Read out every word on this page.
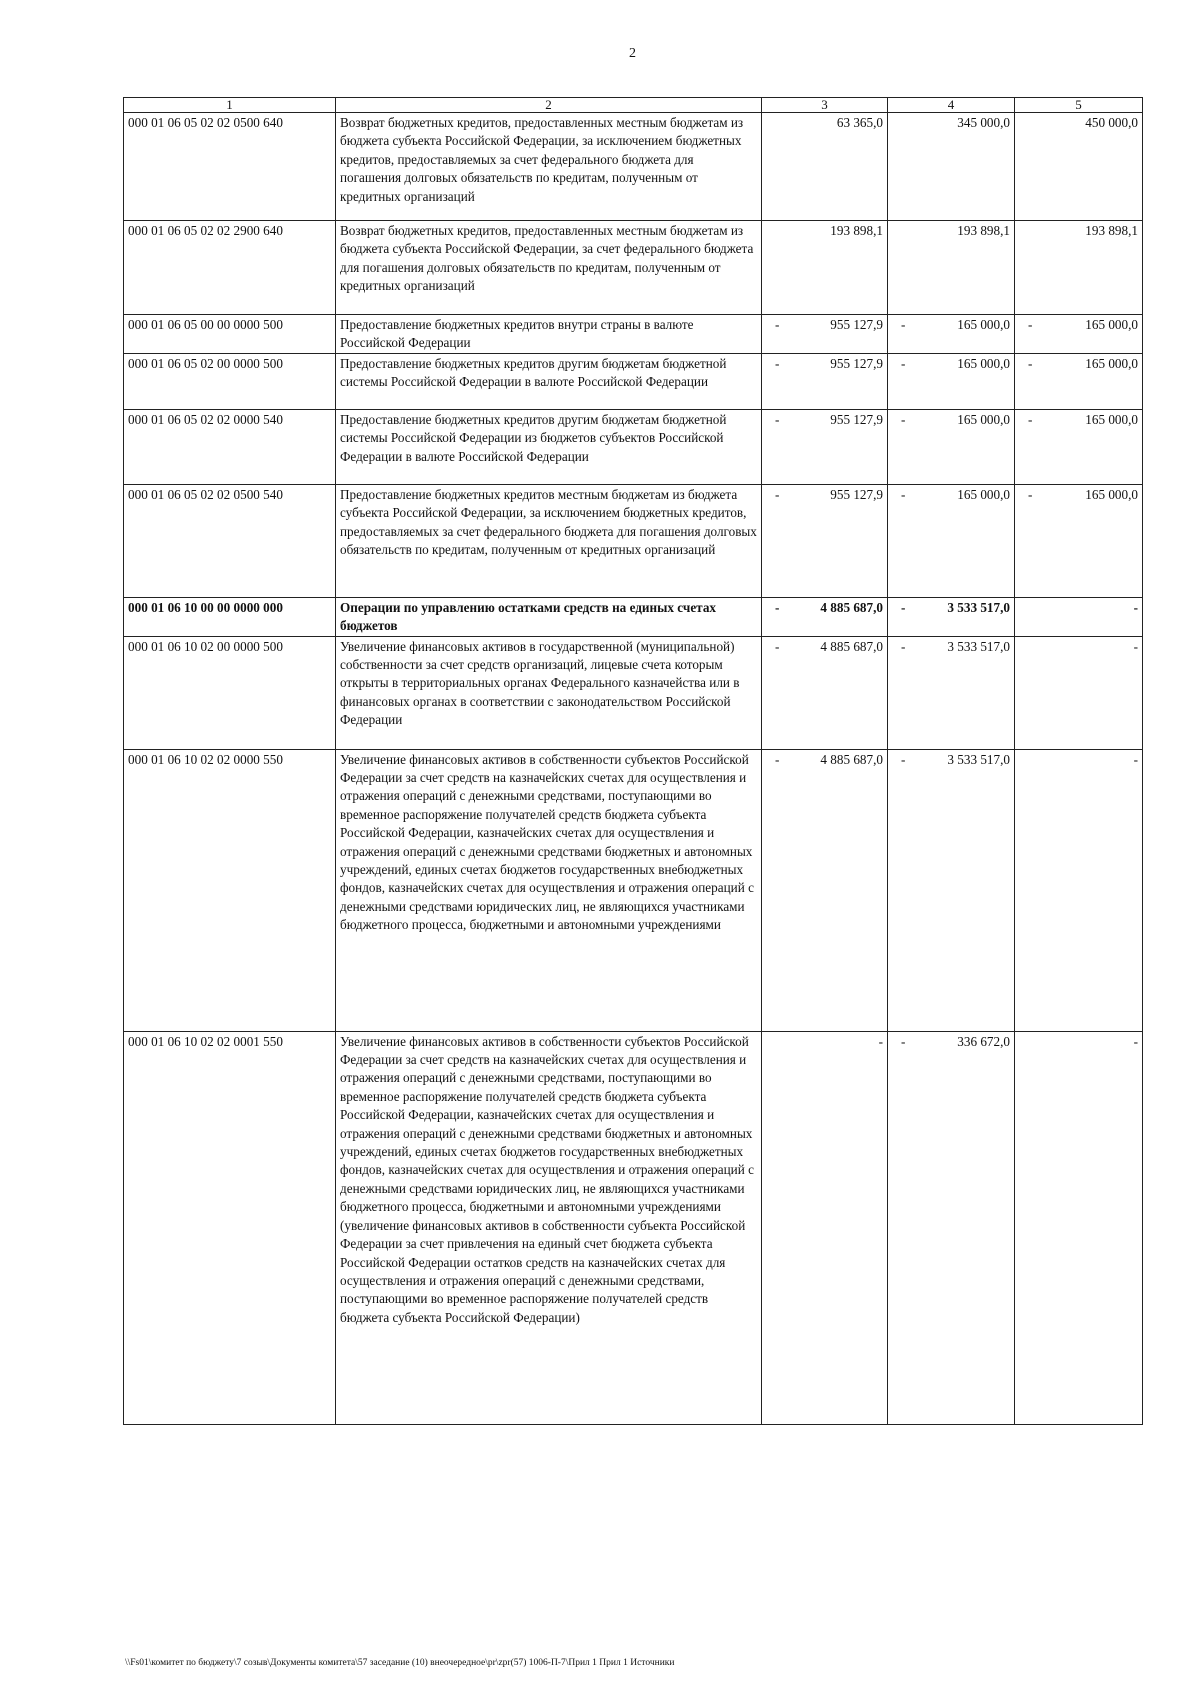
2
1	2	3	4	5
000 01 06 05 02 02 0500 640	Возврат бюджетных кредитов, предоставленных местным бюджетам из бюджета субъекта Российской Федерации, за исключением бюджетных кредитов, предоставляемых за счет федерального бюджета для погашения долговых обязательств по кредитам, полученным от кредитных организаций	63 365,0	345 000,0	450 000,0
000 01 06 05 02 02 2900 640	Возврат бюджетных кредитов, предоставленных местным бюджетам из бюджета субъекта Российской Федерации, за счет федерального бюджета для погашения долговых обязательств по кредитам, полученным от кредитных организаций	193 898,1	193 898,1	193 898,1
000 01 06 05 00 00 0000 500	Предоставление бюджетных кредитов внутри страны в валюте Российской Федерации	- 955 127,9	- 165 000,0	- 165 000,0
000 01 06 05 02 00 0000 500	Предоставление бюджетных кредитов другим бюджетам бюджетной системы Российской Федерации в валюте Российской Федерации	- 955 127,9	- 165 000,0	- 165 000,0
000 01 06 05 02 02 0000 540	Предоставление бюджетных кредитов другим бюджетам бюджетной системы Российской Федерации из бюджетов субъектов Российской Федерации в валюте Российской Федерации	- 955 127,9	- 165 000,0	- 165 000,0
000 01 06 05 02 02 0500 540	Предоставление бюджетных кредитов местным бюджетам из бюджета субъекта Российской Федерации, за исключением бюджетных кредитов, предоставляемых за счет федерального бюджета для погашения долговых обязательств по кредитам, полученным от кредитных организаций	- 955 127,9	- 165 000,0	- 165 000,0
000 01 06 10 00 00 0000 000	Операции по управлению остатками средств на единых счетах бюджетов	- 4 885 687,0	- 3 533 517,0	-
000 01 06 10 02 00 0000 500	Увеличение финансовых активов в государственной (муниципальной) собственности за счет средств организаций, лицевые счета которым открыты в территориальных органах Федерального казначейства или в финансовых органах в соответствии с законодательством Российской Федерации	- 4 885 687,0	- 3 533 517,0	-
000 01 06 10 02 02 0000 550	Увеличение финансовых активов в собственности субъектов Российской Федерации за счет средств на казначейских счетах для осуществления и отражения операций с денежными средствами, поступающими во временное распоряжение получателей средств бюджета субъекта Российской Федерации, казначейских счетах для осуществления и отражения операций с денежными средствами бюджетных и автономных учреждений, единых счетах бюджетов государственных внебюджетных фондов, казначейских счетах для осуществления и отражения операций с денежными средствами юридических лиц, не являющихся участниками бюджетного процесса, бюджетными и автономными учреждениями	- 4 885 687,0	- 3 533 517,0	-
000 01 06 10 02 02 0001 550	Увеличение финансовых активов в собственности субъектов Российской Федерации за счет средств на казначейских счетах для осуществления и отражения операций с денежными средствами, поступающими во временное распоряжение получателей средств бюджета субъекта Российской Федерации, казначейских счетах для осуществления и отражения операций с денежными средствами бюджетных и автономных учреждений, единых счетах бюджетов государственных внебюджетных фондов, казначейских счетах для осуществления и отражения операций с денежными средствами юридических лиц, не являющихся участниками бюджетного процесса, бюджетными и автономными учреждениями (увеличение финансовых активов в собственности субъекта Российской Федерации за счет привлечения на единый счет бюджета субъекта Российской Федерации остатков средств на казначейских счетах для осуществления и отражения операций с денежными средствами, поступающими во временное распоряжение получателей средств бюджета субъекта Российской Федерации)	-	- 336 672,0	-
\\Fs01\комитет по бюджету\7 созыв\Документы комитета\57 заседание (10) внеочередное\pr\zpr(57) 1006-П-7\Прил 1 Прил 1 Источники
